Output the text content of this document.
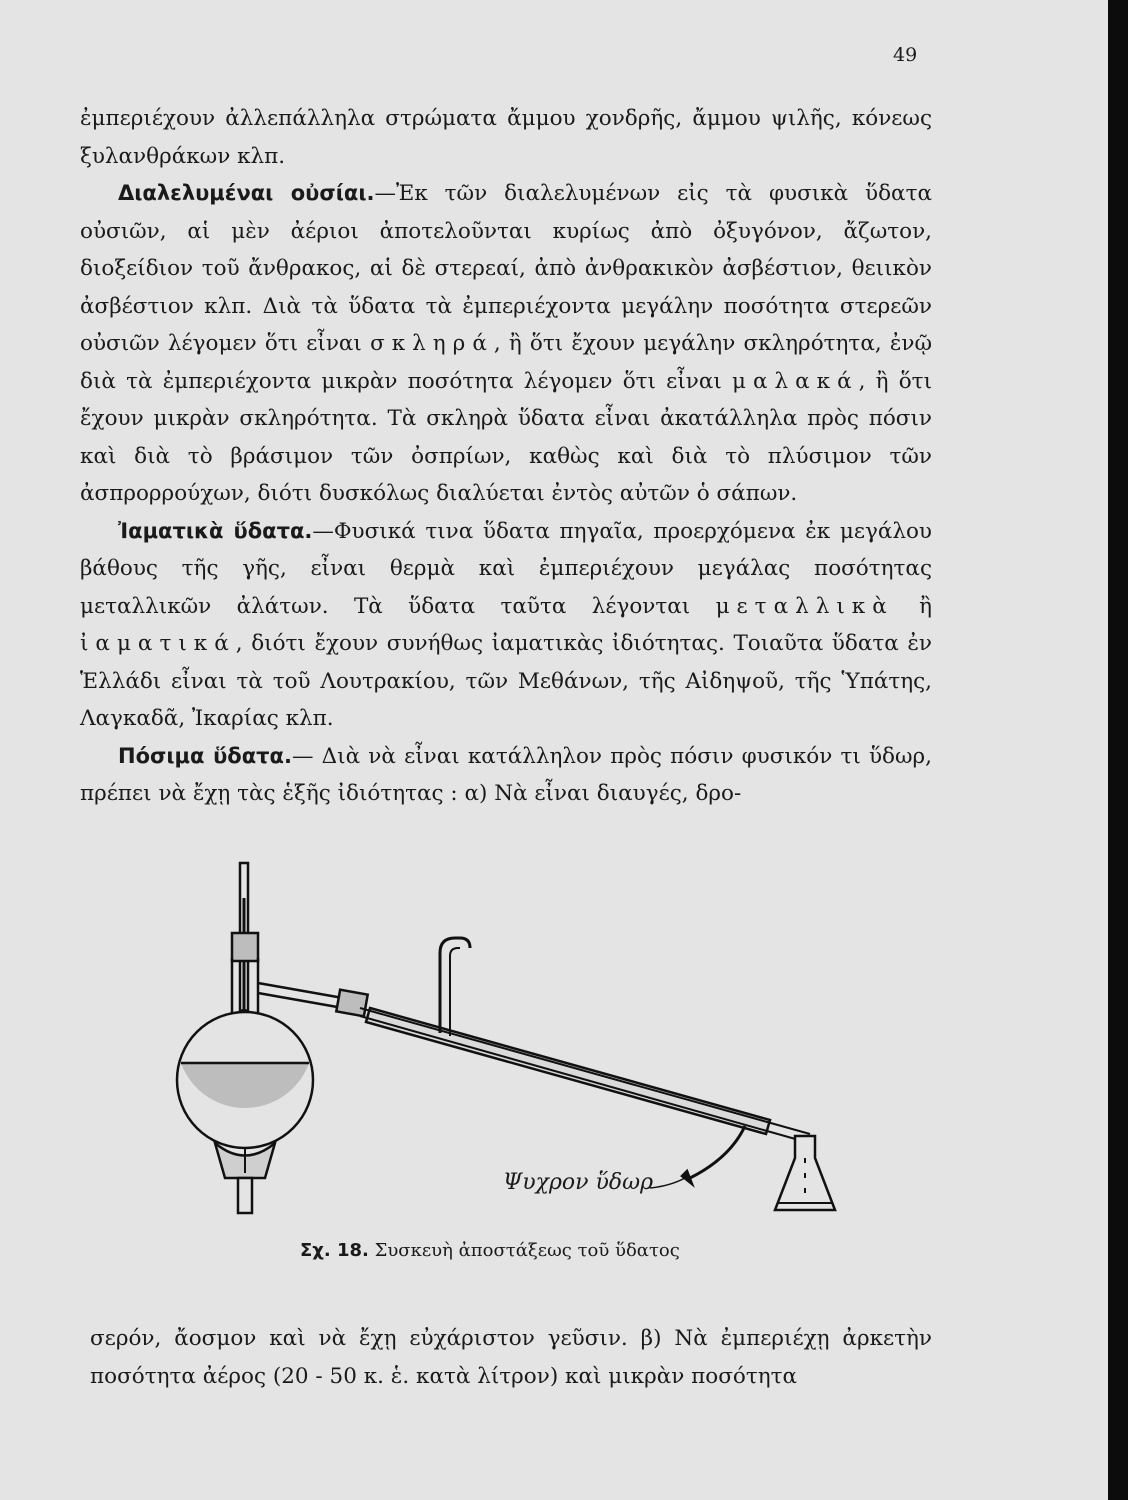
49

ἐμπεριέχουν ἀλλεπάλληλα στρώματα ἄμμου χονδρῆς, ἄμμου ψιλῆς, κόνεως ξυλανθράκων κλπ.

Διαλελυμέναι οὐσίαι.—Ἐκ τῶν διαλελυμένων εἰς τὰ φυσικὰ ὕδατα οὐσιῶν, αἱ μὲν ἀέριοι ἀποτελοῦνται κυρίως ἀπὸ ὀξυγόνον, ἄζωτον, διοξείδιον τοῦ ἄνθρακος, αἱ δὲ στερεαί, ἀπὸ ἀνθρακικὸν ἀσβέστιον, θειικὸν ἀσβέστιον κλπ. Διὰ τὰ ὕδατα τὰ ἐμπεριέχοντα μεγάλην ποσότητα στερεῶν οὐσιῶν λέγομεν ὅτι εἶναι σκληρά, ἢ ὅτι ἔχουν μεγάλην σκληρότητα, ἐνῷ διὰ τὰ ἐμπεριέχοντα μικρὰν ποσότητα λέγομεν ὅτι εἶναι μαλακά, ἢ ὅτι ἔχουν μικρὰν σκληρότητα. Τὰ σκληρὰ ὕδατα εἶναι ἀκατάλληλα πρὸς πόσιν καὶ διὰ τὸ βράσιμον τῶν ὀσπρίων, καθὼς καὶ διὰ τὸ πλύσιμον τῶν ἀσπρορρούχων, διότι δυσκόλως διαλύεται ἐντὸς αὐτῶν ὁ σάπων.

Ἰαματικὰ ὕδατα.—Φυσικά τινα ὕδατα πηγαῖα, προερχόμενα ἐκ μεγάλου βάθους τῆς γῆς, εἶναι θερμὰ καὶ ἐμπεριέχουν μεγάλας ποσότητας μεταλλικῶν ἀλάτων. Τὰ ὕδατα ταῦτα λέγονται μεταλλικὰ ἢ ἰαματικά, διότι ἔχουν συνήθως ἰαματικὰς ἰδιότητας. Τοιαῦτα ὕδατα ἐν Ἑλλάδι εἶναι τὰ τοῦ Λουτρακίου, τῶν Μεθάνων, τῆς Αἰδηψοῦ, τῆς Ὑπάτης, Λαγκαδᾶ, Ἰκαρίας κλπ.

Πόσιμα ὕδατα.— Διὰ νὰ εἶναι κατάλληλον πρὸς πόσιν φυσικόν τι ὕδωρ, πρέπει νὰ ἔχῃ τὰς ἑξῆς ἰδιότητας : α) Νὰ εἶναι διαυγές, δρο-

Ψυχρον ὕδωρ
Σχ. 18. Συσκευὴ ἀποστάξεως τοῦ ὕδατος
σερόν, ἄοσμον καὶ νὰ ἔχῃ εὐχάριστον γεῦσιν. β) Νὰ ἐμπεριέχῃ ἀρκετὴν ποσότητα ἀέρος (20 - 50 κ. ἑ. κατὰ λίτρον) καὶ μικρὰν ποσότητα
